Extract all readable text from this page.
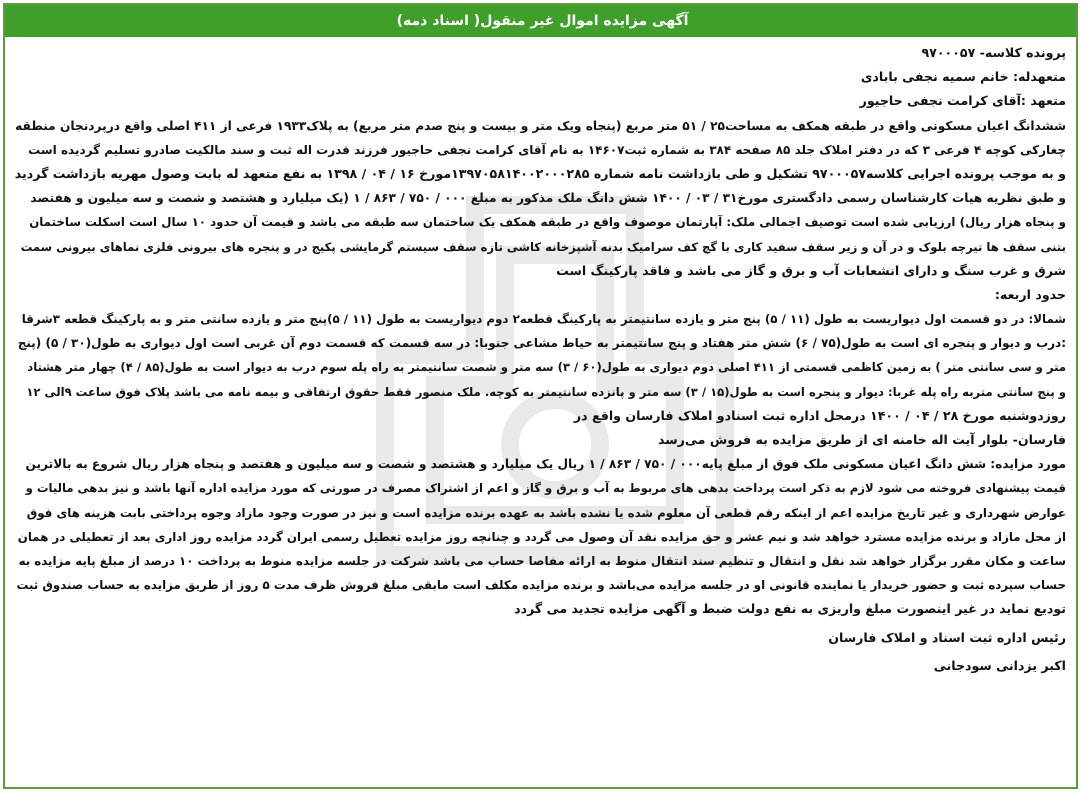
آگهی مزایده اموال غیر منقول( اسناد ذمه)
پرونده کلاسه- ۹۷۰۰۰۵۷
متعهدله: خانم سمیه نجفی بابادی
متعهد :آقای کرامت نجفی حاجیور
ششدانگ اعیان مسکونی واقع در طبقه همکف به مساحت۲۵ / ۵۱ متر مربع (پنجاه ویک متر و بیست و پنج صدم متر مربع) به پلاک۱۹۳۳ فرعی از ۴۱۱ اصلی واقع درپردنجان منطقه
چغارکی کوچه ۴ فرعی ۳ که در دفتر املاک جلد ۸۵ صفحه ۳۸۴ به شماره ثبت۱۴۶۰۷ به نام آقای کرامت نجفی حاجیور فرزند قدرت اله ثبت و سند مالکیت صادرو تسلیم گردیده است
و به موجب پرونده اجرایی کلاسه۹۷۰۰۰۵۷ تشکیل و طی بازداشت نامه شماره ۱۳۹۷۰۵۸۱۴۰۰۲۰۰۰۲۸۵مورخ ۱۶ / ۰۴ / ۱۳۹۸ به نفع متعهد له بابت وصول مهریه بازداشت گردید
و طبق نظریه هیات کارشناسان رسمی دادگستری مورخ۳۱ / ۰۳ / ۱۴۰۰ شش دانگ ملک مذکور به مبلغ ۰۰۰ / ۷۵۰ / ۸۶۳ / ۱ (یک میلیارد و هشتصد و شصت و سه میلیون و هفتصد
و پنجاه هزار ریال) ارزیابی شده است توصیف اجمالی ملک: آپارتمان موصوف واقع در طبقه همکف یک ساختمان سه طبقه می باشد و قیمت آن حدود ۱۰ سال است اسکلت ساختمان
بتنی سقف ها تیرچه بلوک و در آن و زیر سقف سفید کاری با گچ کف سرامیک بدنه آشپزخانه کاشی تازه سقف سیستم گرمایشی پکیج در و پنجره های بیرونی فلزی نماهای بیرونی سمت
شرق و غرب سنگ و دارای انشعابات آب و برق و گاز می باشد و فاقد پارکینگ است
حدود اربعه:
شمالا: در دو قسمت اول دیواریست به طول (۱۱ / ۵) پنج متر و یازده سانتیمتر به پارکینگ قطعه۲ دوم دیواریست به طول (۱۱ / ۵)پنج متر و یازده سانتی متر و به پارکینگ قطعه ۳شرقا
:درب و دیوار و پنجره ای است به طول(۷۵ / ۶) شش متر هفتاد و پنج سانتیمتر به حیاط مشاعی جنوبا: در سه قسمت که قسمت دوم آن غربی است اول دیواری به طول(۳۰ / ۵) (پنج
متر و سی سانتی متر ) به زمین کاظمی قسمتی از ۴۱۱ اصلی دوم دیواری به طول(۶۰ / ۳) سه متر و شصت سانتیمتر به راه پله سوم درب به دیوار است به طول(۸۵ / ۴) چهار متر هشتاد
و پنج سانتی متربه راه پله غربا: دیوار و پنجره است به طول(۱۵ / ۳) سه متر و پانزده سانتیمتر به کوچه. ملک منصور فقط حقوق ارتفاقی و بیمه نامه می باشد پلاک فوق ساعت ۹الی ۱۲
روزدوشنبه مورخ ۲۸ / ۰۴ / ۱۴۰۰ درمحل اداره ثبت اسنادو املاک فارسان واقع در
فارسان- بلوار آیت اله خامنه ای از طریق مزایده به فروش می‌رسد
مورد مزایده: شش دانگ اعیان مسکونی ملک فوق از مبلغ پایه۰۰۰ / ۷۵۰ / ۸۶۳ / ۱ ریال یک میلیارد و هشتصد و شصت و سه میلیون و هفتصد و پنجاه هزار ریال شروع به بالاترین
قیمت پیشنهادی فروخته می شود لازم به ذکر است پرداخت بدهی های مربوط به آب و برق و گاز و اعم از اشتراک مصرف در صورتی که مورد مزایده اداره آنها باشد و نیز بدهی مالیات و
عوارض شهرداری و غیر تاریخ مزایده اعم از اینکه رقم قطعی آن معلوم شده یا نشده باشد به عهده برنده مزایده است و نیز در صورت وجود مازاد وجوه پرداختی بابت هزینه های فوق
از محل مازاد و برنده مزایده مسترد خواهد شد و نیم عشر و حق مزایده نقد آن وصول می گردد و چنانچه روز مزایده تعطیل رسمی ایران گردد مزایده روز اداری بعد از تعطیلی در همان
ساعت و مکان مقرر برگزار خواهد شد نقل و انتقال و تنظیم سند انتقال منوط به ارائه مفاصا حساب می باشد شرکت در جلسه مزایده منوط به پرداخت ۱۰ درصد از مبلغ پایه مزایده به
حساب سپرده ثبت و حضور خریدار یا نماینده قانونی او در جلسه مزایده می‌باشد و برنده مزایده مکلف است مابقی مبلغ فروش ظرف مدت ۵ روز از طریق مزایده به حساب صندوق ثبت
تودیع نماید در غیر اینصورت مبلغ واریزی به نفع دولت ضبط و آگهی مزایده تجدید می گردد
رئیس اداره ثبت اسناد و املاک فارسان
اکبر یزدانی سودجانی
